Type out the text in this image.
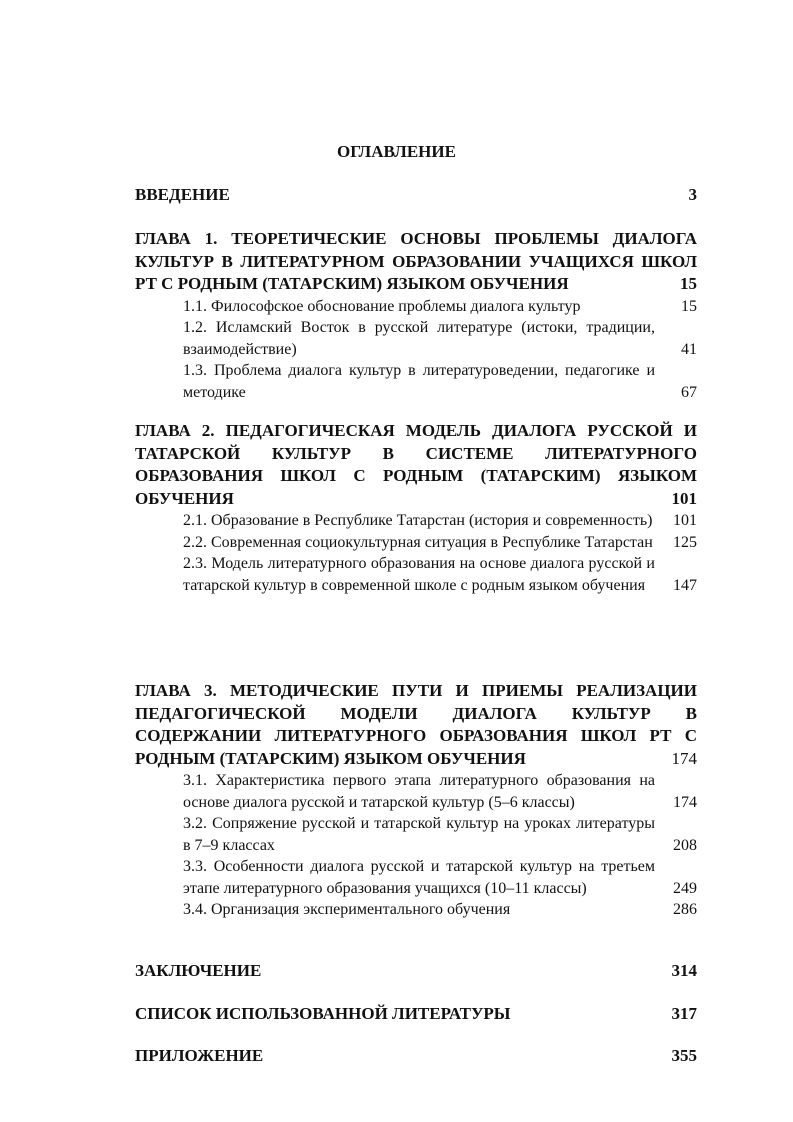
ОГЛАВЛЕНИЕ
ВВЕДЕНИЕ	3
ГЛАВА 1. ТЕОРЕТИЧЕСКИЕ ОСНОВЫ ПРОБЛЕМЫ ДИАЛОГА КУЛЬТУР В ЛИТЕРАТУРНОМ ОБРАЗОВАНИИ УЧАЩИХСЯ ШКОЛ РТ С РОДНЫМ (ТАТАРСКИМ) ЯЗЫКОМ ОБУЧЕНИЯ	15
1.1. Философское обоснование проблемы диалога культур	15
1.2. Исламский Восток в русской литературе (истоки, традиции, взаимодействие)	41
1.3. Проблема диалога культур в литературоведении, педагогике и методике	67
ГЛАВА 2. ПЕДАГОГИЧЕСКАЯ МОДЕЛЬ ДИАЛОГА РУССКОЙ И ТАТАРСКОЙ КУЛЬТУР В СИСТЕМЕ ЛИТЕРАТУРНОГО ОБРАЗОВАНИЯ ШКОЛ С РОДНЫМ (ТАТАРСКИМ) ЯЗЫКОМ ОБУЧЕНИЯ	101
2.1. Образование в Республике Татарстан (история и современность)	101
2.2. Современная социокультурная ситуация в Республике Татарстан	125
2.3. Модель литературного образования на основе диалога русской и татарской культур в современной школе с родным языком обучения	147
ГЛАВА 3. МЕТОДИЧЕСКИЕ ПУТИ И ПРИЕМЫ РЕАЛИЗАЦИИ ПЕДАГОГИЧЕСКОЙ МОДЕЛИ ДИАЛОГА КУЛЬТУР В СОДЕРЖАНИИ ЛИТЕРАТУРНОГО ОБРАЗОВАНИЯ ШКОЛ РТ С РОДНЫМ (ТАТАРСКИМ) ЯЗЫКОМ ОБУЧЕНИЯ	174
3.1. Характеристика первого этапа литературного образования на основе диалога русской и татарской культур (5–6 классы)	174
3.2. Сопряжение русской и татарской культур на уроках литературы в 7–9 классах	208
3.3. Особенности диалога русской и татарской культур на третьем этапе литературного образования учащихся (10–11 классы)	249
3.4. Организация экспериментального обучения	286
ЗАКЛЮЧЕНИЕ	314
СПИСОК ИСПОЛЬЗОВАННОЙ ЛИТЕРАТУРЫ	317
ПРИЛОЖЕНИЕ	355
